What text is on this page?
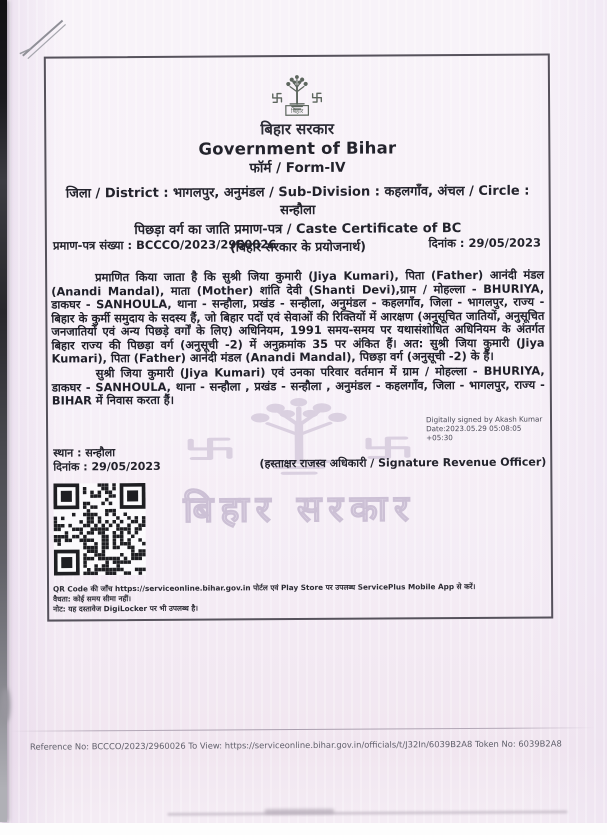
बिहार सरकार
बिहार
बिहार सरकार
Government of Bihar
फॉर्म / Form-IV
जिला / District : भागलपुर, अनुमंडल / Sub-Division : कहलगाँव, अंचल / Circle : सन्हौला
पिछड़ा वर्ग का जाति प्रमाण-पत्र / Caste Certificate of BC
(बिहार सरकार के प्रयोजनार्थ)
प्रमाण-पत्र संख्या : BCCCO/2023/2960026	दिनांक : 29/05/2023
प्रमाणित किया जाता है कि सुश्री जिया कुमारी (Jiya Kumari), पिता (Father) आनंदी मंडल (Anandi Mandal), माता (Mother) शांति देवी (Shanti Devi),ग्राम / मोहल्ला - BHURIYA, डाकघर - SANHOULA, थाना - सन्हौला, प्रखंड - सन्हौला, अनुमंडल - कहलगाँव, जिला - भागलपुर, राज्य - बिहार के कुर्मी समुदाय के सदस्य हैं, जो बिहार पदों एवं सेवाओं की रिक्तियों में आरक्षण (अनुसूचित जातियों, अनुसूचित जनजातियों एवं अन्य पिछड़े वर्गों के लिए) अधिनियम, 1991 समय-समय पर यथासंशोधित अधिनियम के अंतर्गत बिहार राज्य की पिछड़ा वर्ग (अनुसूची -2) में अनुक्रमांक 35 पर अंकित हैं। अत: सुश्री जिया कुमारी (Jiya Kumari), पिता (Father) आनंदी मंडल (Anandi Mandal), पिछड़ा वर्ग (अनुसूची -2) के हैं।
सुश्री जिया कुमारी (Jiya Kumari) एवं उनका परिवार वर्तमान में ग्राम / मोहल्ला - BHURIYA, डाकघर - SANHOULA, थाना - सन्हौला , प्रखंड - सन्हौला , अनुमंडल - कहलगाँव, जिला - भागलपुर, राज्य - BIHAR में निवास करता हैं।
Digitally signed by Akash Kumar
Date:2023.05.29 05:08:05 +05:30
स्थान : सन्हौला
दिनांक : 29/05/2023	(हस्ताक्षर राजस्व अधिकारी / Signature Revenue Officer)
QR Code की जाँच https://serviceonline.bihar.gov.in पोर्टल एवं Play Store पर उपलब्ध ServicePlus Mobile App से करें।
वैधता: कोई समय सीमा नहीं।
नोट: यह दस्तावेज DigiLocker पर भी उपलब्ध है।
Reference No: BCCCO/2023/2960026 To View: https://serviceonline.bihar.gov.in/officials/t/J32In/6039B2A8 Token No: 6039B2A8
